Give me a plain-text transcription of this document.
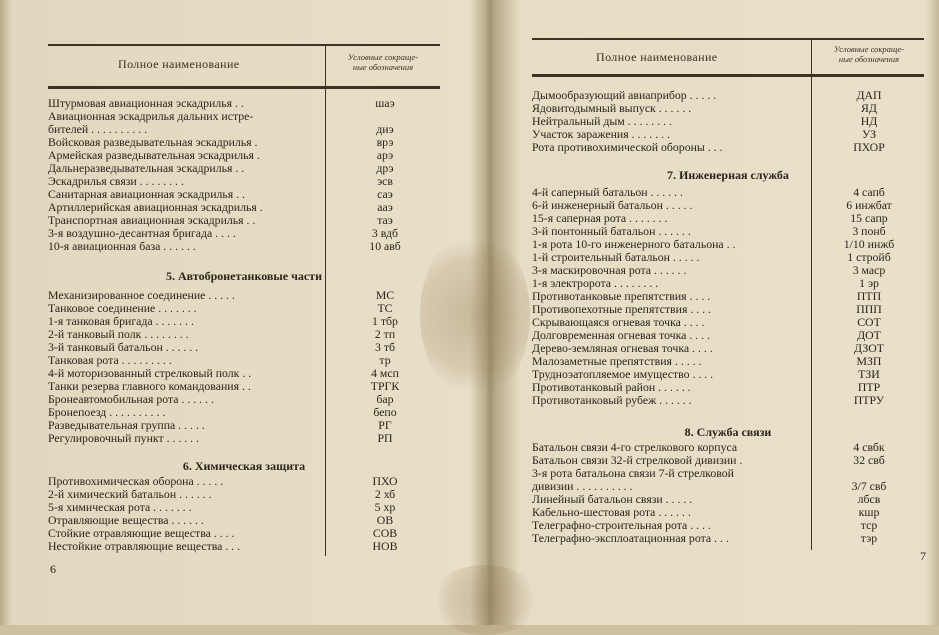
Полное наименование	Условные сокраще-
ные обозначения
Штурмовая авиационная эскадрилья . .	шаэ
Авиационная эскадрилья дальних истре-
бителей . . . . . . . . . .	диэ
Войсковая разведывательная эскадрилья .	врэ
Армейская разведывательная эскадрилья .	арэ
Дальнеразведывательная эскадрилья . .	дрэ
Эскадрилья связи . . . . . . . .	эсв
Санитарная авиационная эскадрилья . .	саэ
Артиллерийская авиационная эскадрилья .	ааэ
Транспортная авиационная эскадрилья . .	таэ
3-я воздушно-десантная бригада . . . .	3 вдб
10-я авиационная база . . . . . .	10 авб
5. Автобронетанковые части
Механизированное соединение . . . . .	МС
Танковое соединение . . . . . . .	ТС
1-я танковая бригада . . . . . . .	1 тбр
2-й танковый полк . . . . . . . .	2 тп
3-й танковый батальон . . . . . .	3 тб
Танковая рота . . . . . . . . .	тр
4-й моторизованный стрелковый полк . .	4 мсп
Танки резерва главного командования . .	ТРГК
Бронеавтомобильная рота . . . . . .	бар
Бронепоезд . . . . . . . . . .	бепо
Разведывательная группа . . . . .	РГ
Регулировочный пункт . . . . . .	РП
6. Химическая защита
Противохимическая оборона . . . . .	ПХО
2-й химический батальон . . . . . .	2 хб
5-я химическая рота . . . . . . .	5 хр
Отравляющие вещества . . . . . .	ОВ
Стойкие отравляющие вещества . . . .	СОВ
Нестойкие отравляющие вещества . . .	НОВ
6
Полное наименование
Условные сокраще-
ные обозначения
Дымообразующий авиаприбор . . . . .	ДАП
Ядовитодымный выпуск . . . . . .	ЯД
Нейтральный дым . . . . . . . .	НД
Участок заражения . . . . . . .	УЗ
Рота противохимической обороны . . .	ПХОР
7. Инженерная служба
4-й саперный батальон . . . . . .	4 сапб
6-й инженерный батальон . . . . .	6 инжбат
15-я саперная рота . . . . . . .	15 сапр
3-й понтонный батальон . . . . . .	3 понб
1-я рота 10-го инженерного батальона . .	1/10 инжб
1-й строительный батальон . . . . .	1 стройб
3-я маскировочная рота . . . . . .	3 маср
1-я электророта . . . . . . . .	1 эр
Противотанковые препятствия . . . .	ПТП
Противопехотные препятствия . . . .	ППП
Скрывающаяся огневая точка . . . .	СОТ
Долговременная огневая точка . . . .	ДОТ
Дерево-земляная огневая точка . . . .	ДЗОТ
Малозаметные препятствия . . . . .	МЗП
Трудноэатопляемое имущество . . . .	ТЗИ
Противотанковый район . . . . . .	ПТР
Противотанковый рубеж . . . . . .	ПТРУ
8. Служба связи
Батальон связи 4-го стрелкового корпуса	4 свбк
Батальон связи 32-й стрелковой дивизии .	32 свб
3-я рота батальона связи 7-й стрелковой
дивизии . . . . . . . . . .	3/7 свб
Линейный батальон связи . . . . .	лбсв
Кабельно-шестовая рота . . . . . .	кшр
Телеграфно-строительная рота . . . .	тср
Телеграфно-эксплоатационная рота . . .	тэр
7
